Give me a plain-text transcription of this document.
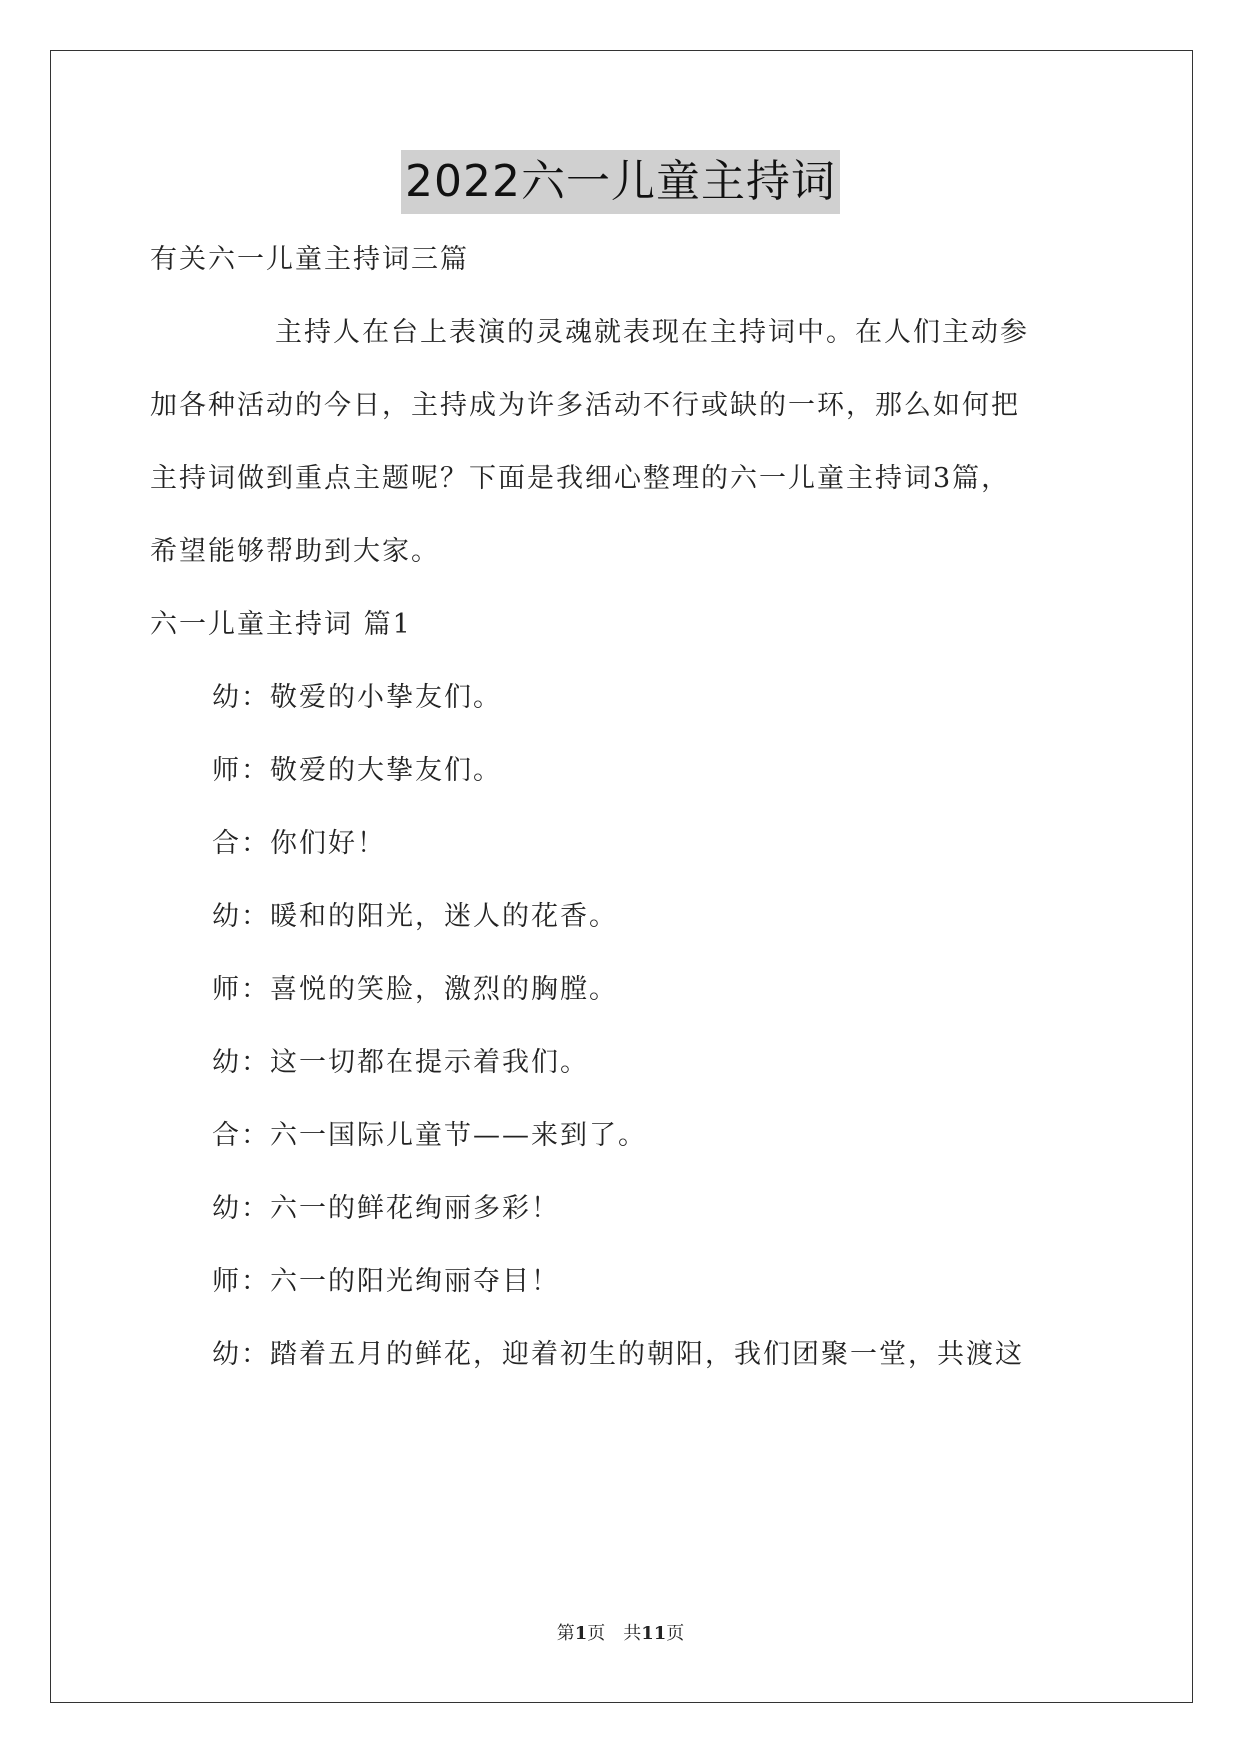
2022六一儿童主持词
有关六一儿童主持词三篇
主持人在台上表演的灵魂就表现在主持词中。在人们主动参
加各种活动的今日，主持成为许多活动不行或缺的一环，那么如何把
主持词做到重点主题呢？下面是我细心整理的六一儿童主持词3篇，
希望能够帮助到大家。
六一儿童主持词 篇1
幼：敬爱的小挚友们。
师：敬爱的大挚友们。
合：你们好！
幼：暖和的阳光，迷人的花香。
师：喜悦的笑脸，激烈的胸膛。
幼：这一切都在提示着我们。
合：六一国际儿童节——来到了。
幼：六一的鲜花绚丽多彩！
师：六一的阳光绚丽夺目！
幼：踏着五月的鲜花，迎着初生的朝阳，我们团聚一堂，共渡这
第1页 共11页
